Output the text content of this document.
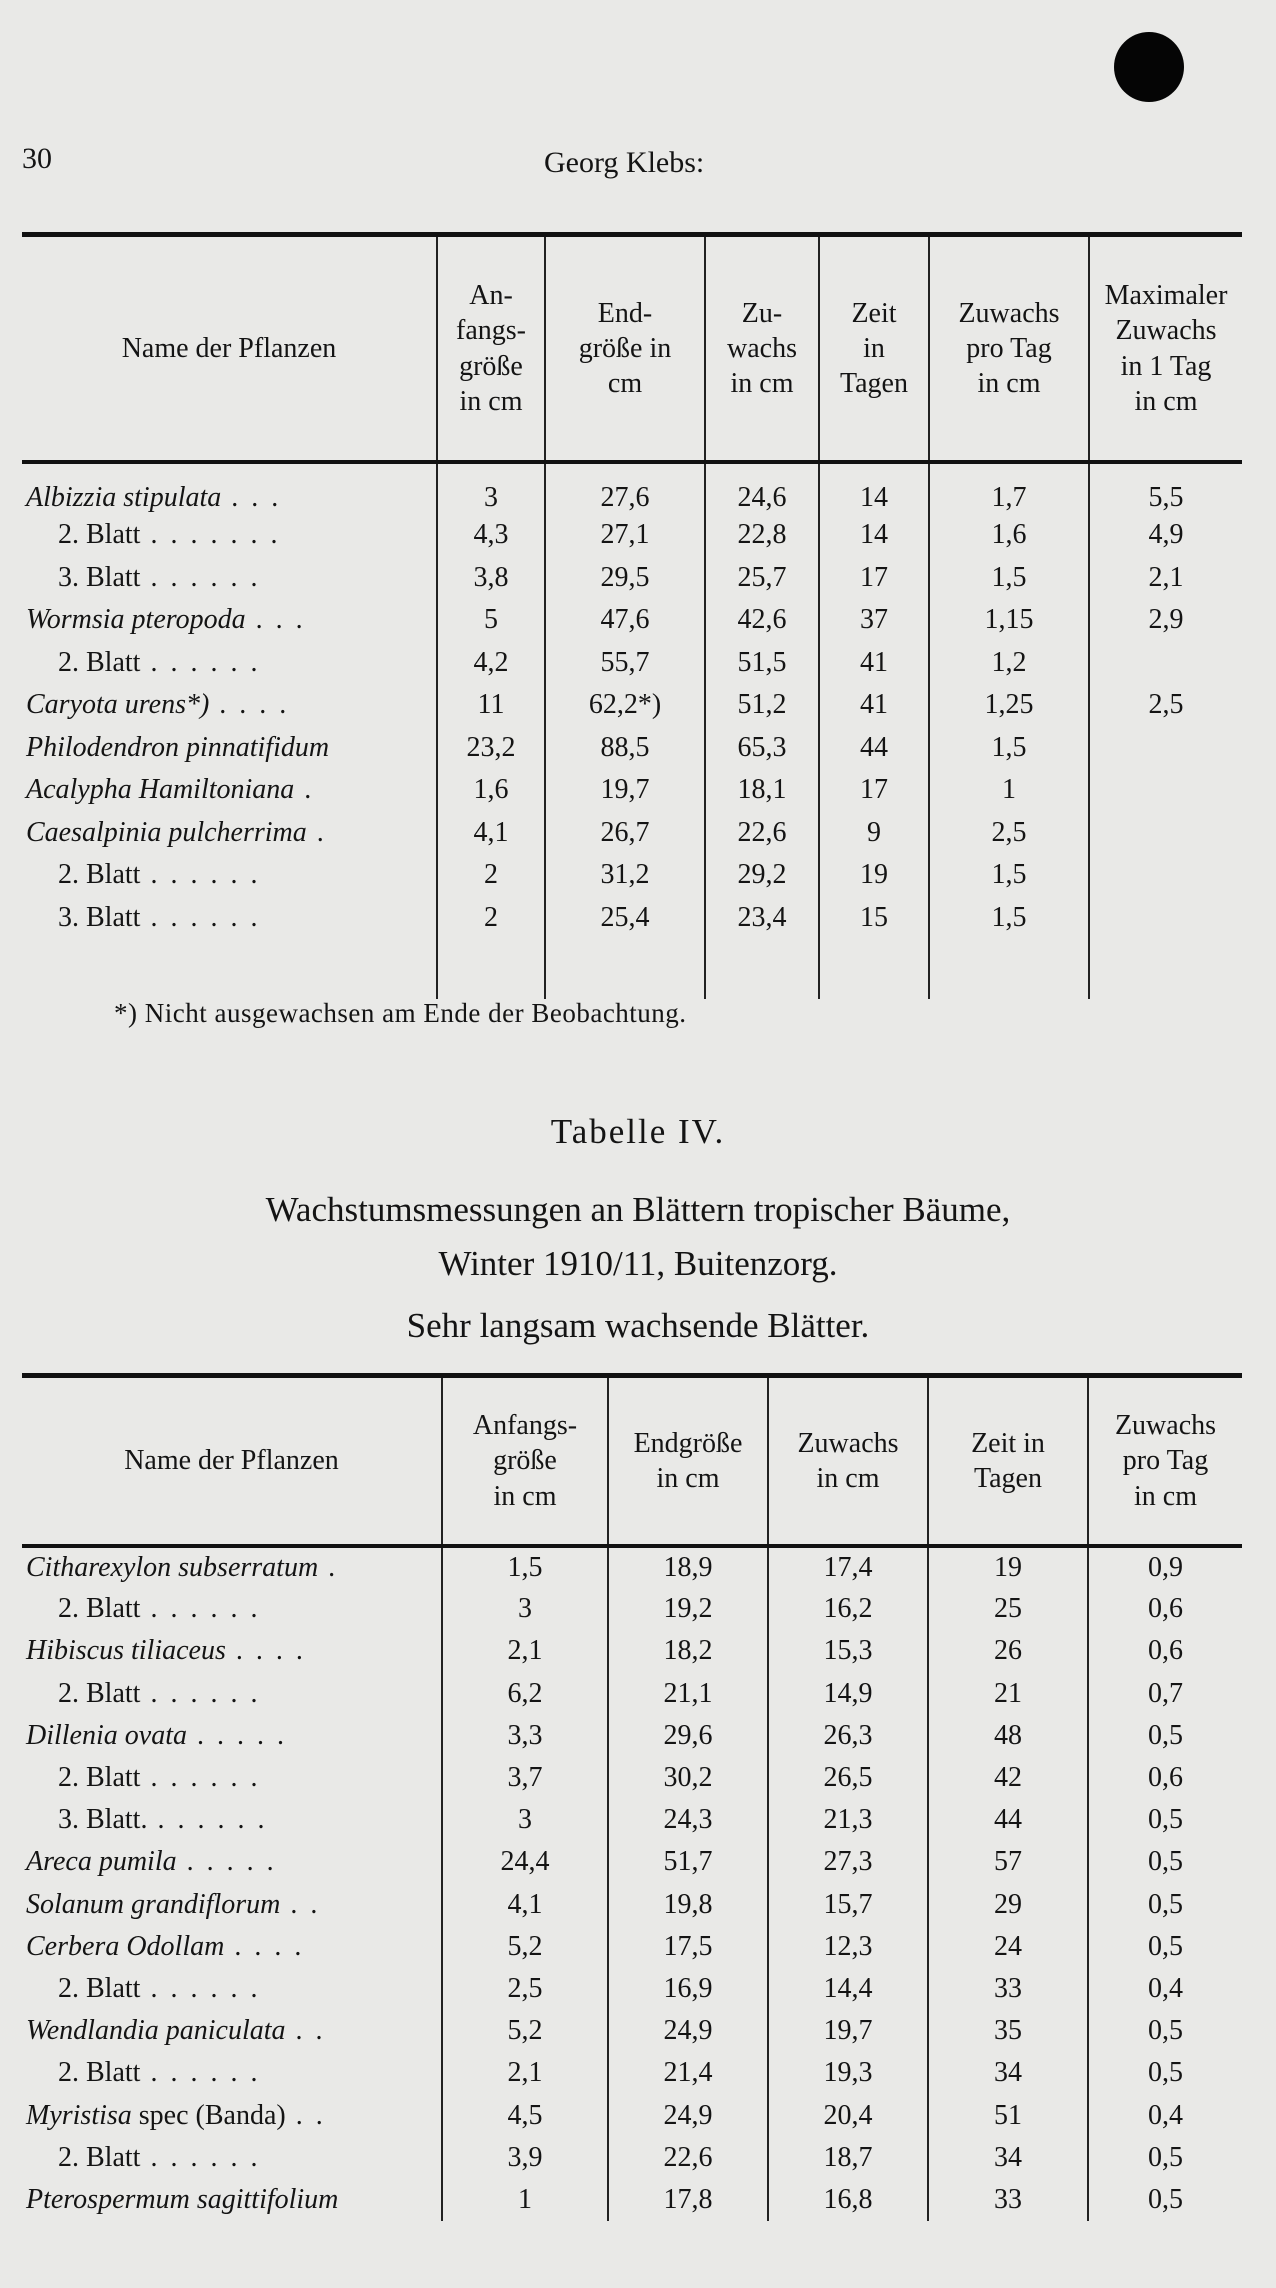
30	Georg Klebs:
Name der Pflanzen	An-
fangs-
größe
in cm	End-
größe in
cm	Zu-
wachs
in cm	Zeit
in
Tagen	Zuwachs
pro Tag
in cm	Maximaler
Zuwachs
in 1 Tag
in cm
Albizzia stipulata . . .	3	27,6	24,6	14	1,7	5,5
2. Blatt . . . . . . .	4,3	27,1	22,8	14	1,6	4,9
3. Blatt . . . . . .	3,8	29,5	25,7	17	1,5	2,1
Wormsia pteropoda . . .	5	47,6	42,6	37	1,15	2,9
2. Blatt . . . . . .	4,2	55,7	51,5	41	1,2	
Caryota urens*) . . . .	11	62,2*)	51,2	41	1,25	2,5
Philodendron pinnatifidum	23,2	88,5	65,3	44	1,5	
Acalypha Hamiltoniana .	1,6	19,7	18,1	17	1	
Caesalpinia pulcherrima .	4,1	26,7	22,6	9	2,5	
2. Blatt . . . . . .	2	31,2	29,2	19	1,5	
3. Blatt . . . . . .	2	25,4	23,4	15	1,5	

*) Nicht ausgewachsen am Ende der Beobachtung.
Tabelle IV.
Wachstumsmessungen an Blättern tropischer Bäume,
Winter 1910/11, Buitenzorg.
Sehr langsam wachsende Blätter.
Name der Pflanzen	Anfangs-
größe
in cm	Endgröße
in cm	Zuwachs
in cm	Zeit in
Tagen	Zuwachs
pro Tag
in cm
Citharexylon subserratum .	1,5	18,9	17,4	19	0,9
2. Blatt . . . . . .	3	19,2	16,2	25	0,6
Hibiscus tiliaceus . . . .	2,1	18,2	15,3	26	0,6
2. Blatt . . . . . .	6,2	21,1	14,9	21	0,7
Dillenia ovata . . . . .	3,3	29,6	26,3	48	0,5
2. Blatt . . . . . .	3,7	30,2	26,5	42	0,6
3. Blatt. . . . . . .	3	24,3	21,3	44	0,5
Areca pumila . . . . .	24,4	51,7	27,3	57	0,5
Solanum grandiflorum . .	4,1	19,8	15,7	29	0,5
Cerbera Odollam . . . .	5,2	17,5	12,3	24	0,5
2. Blatt . . . . . .	2,5	16,9	14,4	33	0,4
Wendlandia paniculata . .	5,2	24,9	19,7	35	0,5
2. Blatt . . . . . .	2,1	21,4	19,3	34	0,5
Myristisa spec (Banda) . .	4,5	24,9	20,4	51	0,4
2. Blatt . . . . . .	3,9	22,6	18,7	34	0,5
Pterospermum sagittifolium	1	17,8	16,8	33	0,5
